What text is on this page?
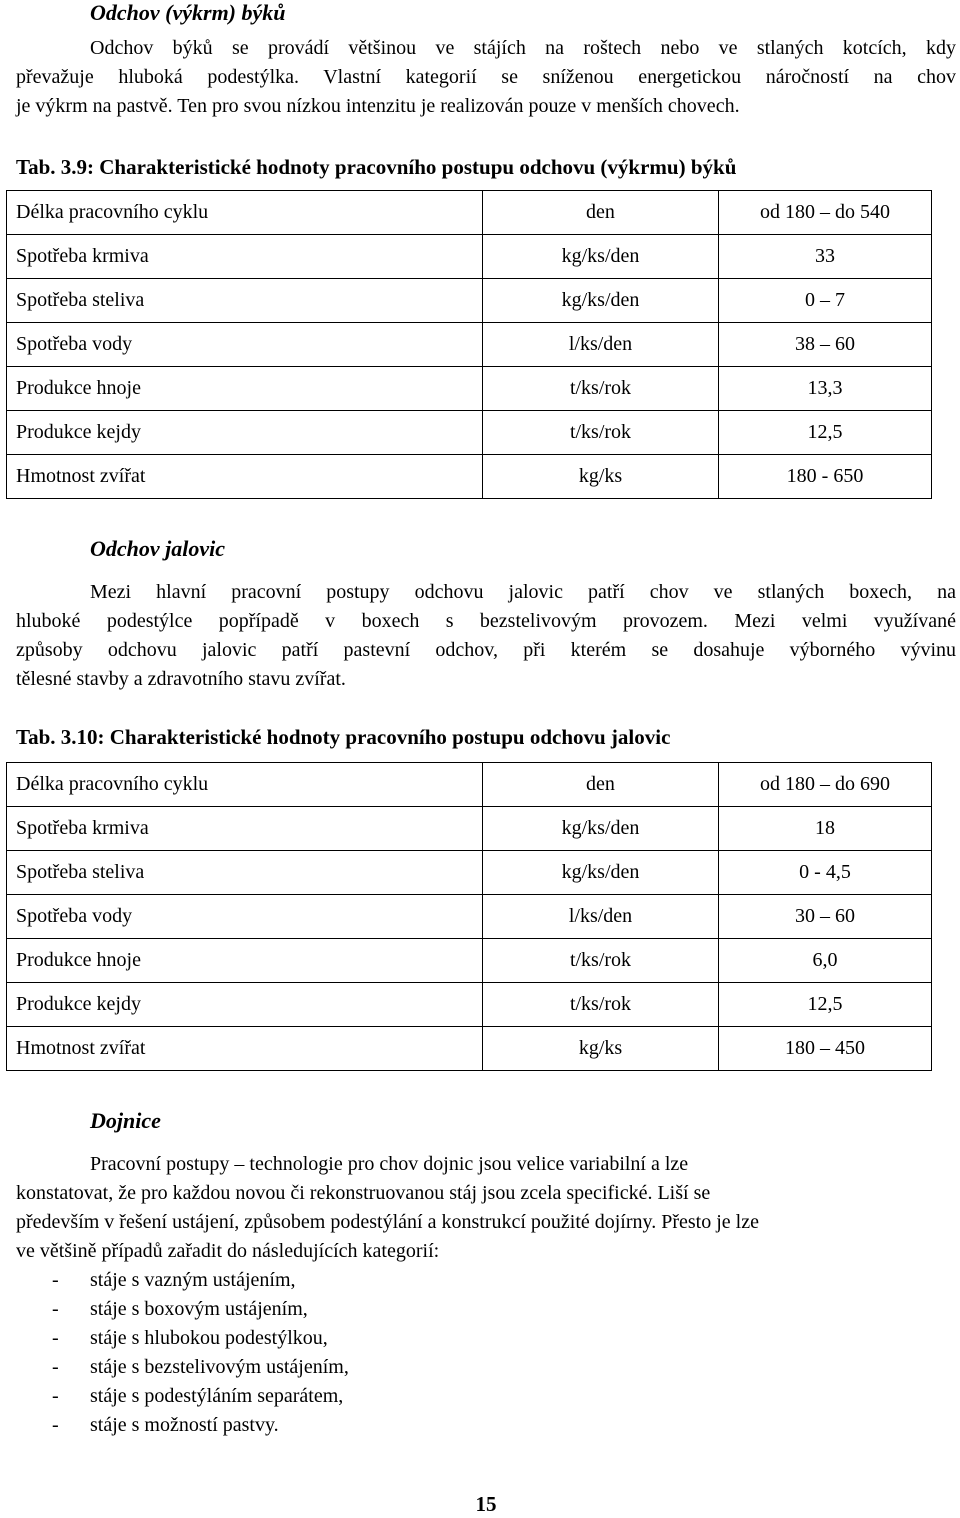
Odchov (výkrm) býků
Odchov býků se provádí většinou ve stájích na roštech nebo ve stlaných kotcích, kdy
převažuje hluboká podestýlka. Vlastní kategorií se sníženou energetickou náročností na chov
je výkrm na pastvě. Ten pro svou nízkou intenzitu je realizován pouze v menších chovech.

Tab. 3.9: Charakteristické hodnoty pracovního postupu odchovu (výkrmu) býků

Délka pracovního cyklu	den	od 180 – do 540
Spotřeba krmiva	kg/ks/den	33
Spotřeba steliva	kg/ks/den	0 – 7
Spotřeba vody	l/ks/den	38 – 60
Produkce hnoje	t/ks/rok	13,3
Produkce kejdy	t/ks/rok	12,5
Hmotnost zvířat	kg/ks	180 - 650
Odchov jalovic
Mezi hlavní pracovní postupy odchovu jalovic patří chov ve stlaných boxech, na
hluboké podestýlce popřípadě v boxech s bezstelivovým provozem. Mezi velmi využívané
způsoby odchovu jalovic patří pastevní odchov, při kterém se dosahuje výborného vývinu
tělesné stavby a zdravotního stavu zvířat.

Tab. 3.10: Charakteristické hodnoty pracovního postupu odchovu jalovic

Délka pracovního cyklu	den	od 180 – do 690
Spotřeba krmiva	kg/ks/den	18
Spotřeba steliva	kg/ks/den	0 - 4,5
Spotřeba vody	l/ks/den	30 – 60
Produkce hnoje	t/ks/rok	6,0
Produkce kejdy	t/ks/rok	12,5
Hmotnost zvířat	kg/ks	180 – 450
Dojnice
Pracovní postupy – technologie pro chov dojnic jsou velice variabilní a lze
konstatovat, že pro každou novou či rekonstruovanou stáj jsou zcela specifické. Liší se
především v řešení ustájení, způsobem podestýlání a konstrukcí použité dojírny. Přesto je lze
ve většině případů zařadit do následujících kategorií:
-	stáje s vazným ustájením,
-	stáje s boxovým ustájením,
-	stáje s hlubokou podestýlkou,
-	stáje s bezstelivovým ustájením,
-	stáje s podestýláním separátem,
-	stáje s možností pastvy.

15
